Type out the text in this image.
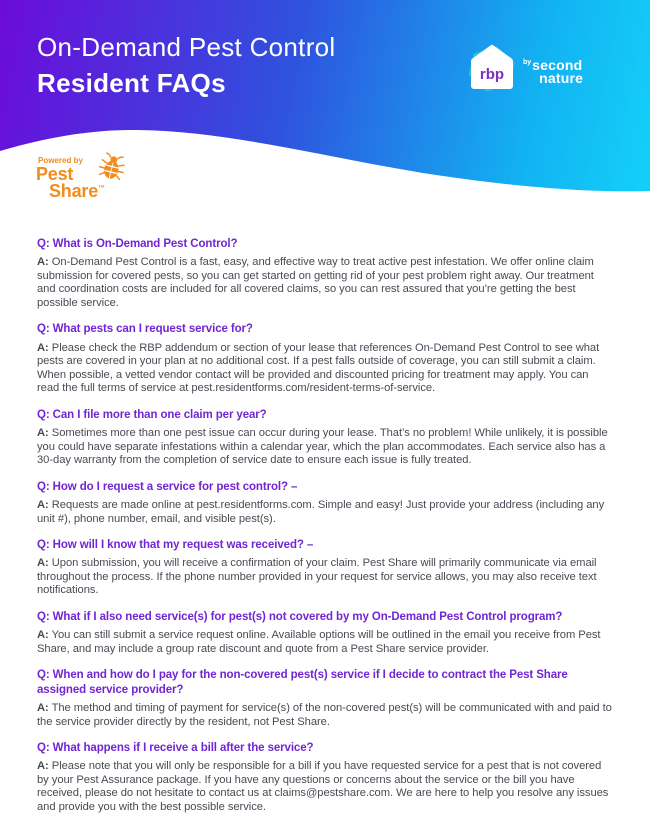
On-Demand Pest Control
Resident FAQs	rbp
by second
nature
Powered by
Pest
Share™
Q: What is On-Demand Pest Control?

A: On-Demand Pest Control is a fast, easy, and effective way to treat active pest infestation. We offer online claim submission for covered pests, so you can get started on getting rid of your pest problem right away. Our treatment and coordination costs are included for all covered claims, so you can rest assured that you’re getting the best possible service.

Q: What pests can I request service for?

A: Please check the RBP addendum or section of your lease that references On-Demand Pest Control to see what pests are covered in your plan at no additional cost. If a pest falls outside of coverage, you can still submit a claim. When possible, a vetted vendor contact will be provided and discounted pricing for treatment may apply. You can read the full terms of service at pest.residentforms.com/resident-terms-of-service.

Q: Can I file more than one claim per year?

A: Sometimes more than one pest issue can occur during your lease. That’s no problem! While unlikely, it is possible you could have separate infestations within a calendar year, which the plan accommodates. Each service also has a 30-day warranty from the completion of service date to ensure each issue is fully treated.

Q: How do I request a service for pest control? –

A: Requests are made online at pest.residentforms.com. Simple and easy! Just provide your address (including any unit #), phone number, email, and visible pest(s).

Q: How will I know that my request was received? –

A: Upon submission, you will receive a confirmation of your claim. Pest Share will primarily communicate via email throughout the process. If the phone number provided in your request for service allows, you may also receive text notifications.

Q: What if I also need service(s) for pest(s) not covered by my On-Demand Pest Control program?

A: You can still submit a service request online. Available options will be outlined in the email you receive from Pest Share, and may include a group rate discount and quote from a Pest Share service provider.

Q: When and how do I pay for the non-covered pest(s) service if I decide to contract the Pest Share assigned service provider?

A: The method and timing of payment for service(s) of the non-covered pest(s) will be communicated with and paid to the service provider directly by the resident, not Pest Share.

Q: What happens if I receive a bill after the service?

A: Please note that you will only be responsible for a bill if you have requested service for a pest that is not covered by your Pest Assurance package. If you have any questions or concerns about the service or the bill you have received, please do not hesitate to contact us at claims@pestshare.com. We are here to help you resolve any issues and provide you with the best possible service.
